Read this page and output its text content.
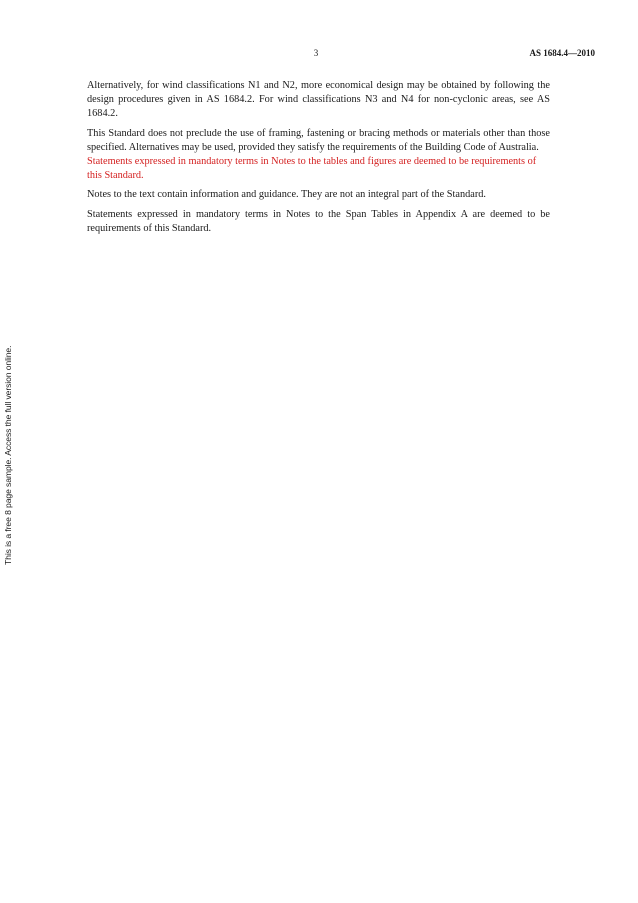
3	AS 1684.4—2010
This is a free 8 page sample. Access the full version online.

Alternatively, for wind classifications N1 and N2, more economical design may be obtained by following the design procedures given in AS 1684.2. For wind classifications N3 and N4 for non-cyclonic areas, see AS 1684.2.

This Standard does not preclude the use of framing, fastening or bracing methods or materials other than those specified. Alternatives may be used, provided they satisfy the requirements of the Building Code of Australia.
Statements expressed in mandatory terms in Notes to the tables and figures are deemed to be requirements of this Standard.

Notes to the text contain information and guidance. They are not an integral part of the Standard.

Statements expressed in mandatory terms in Notes to the Span Tables in Appendix A are deemed to be requirements of this Standard.
